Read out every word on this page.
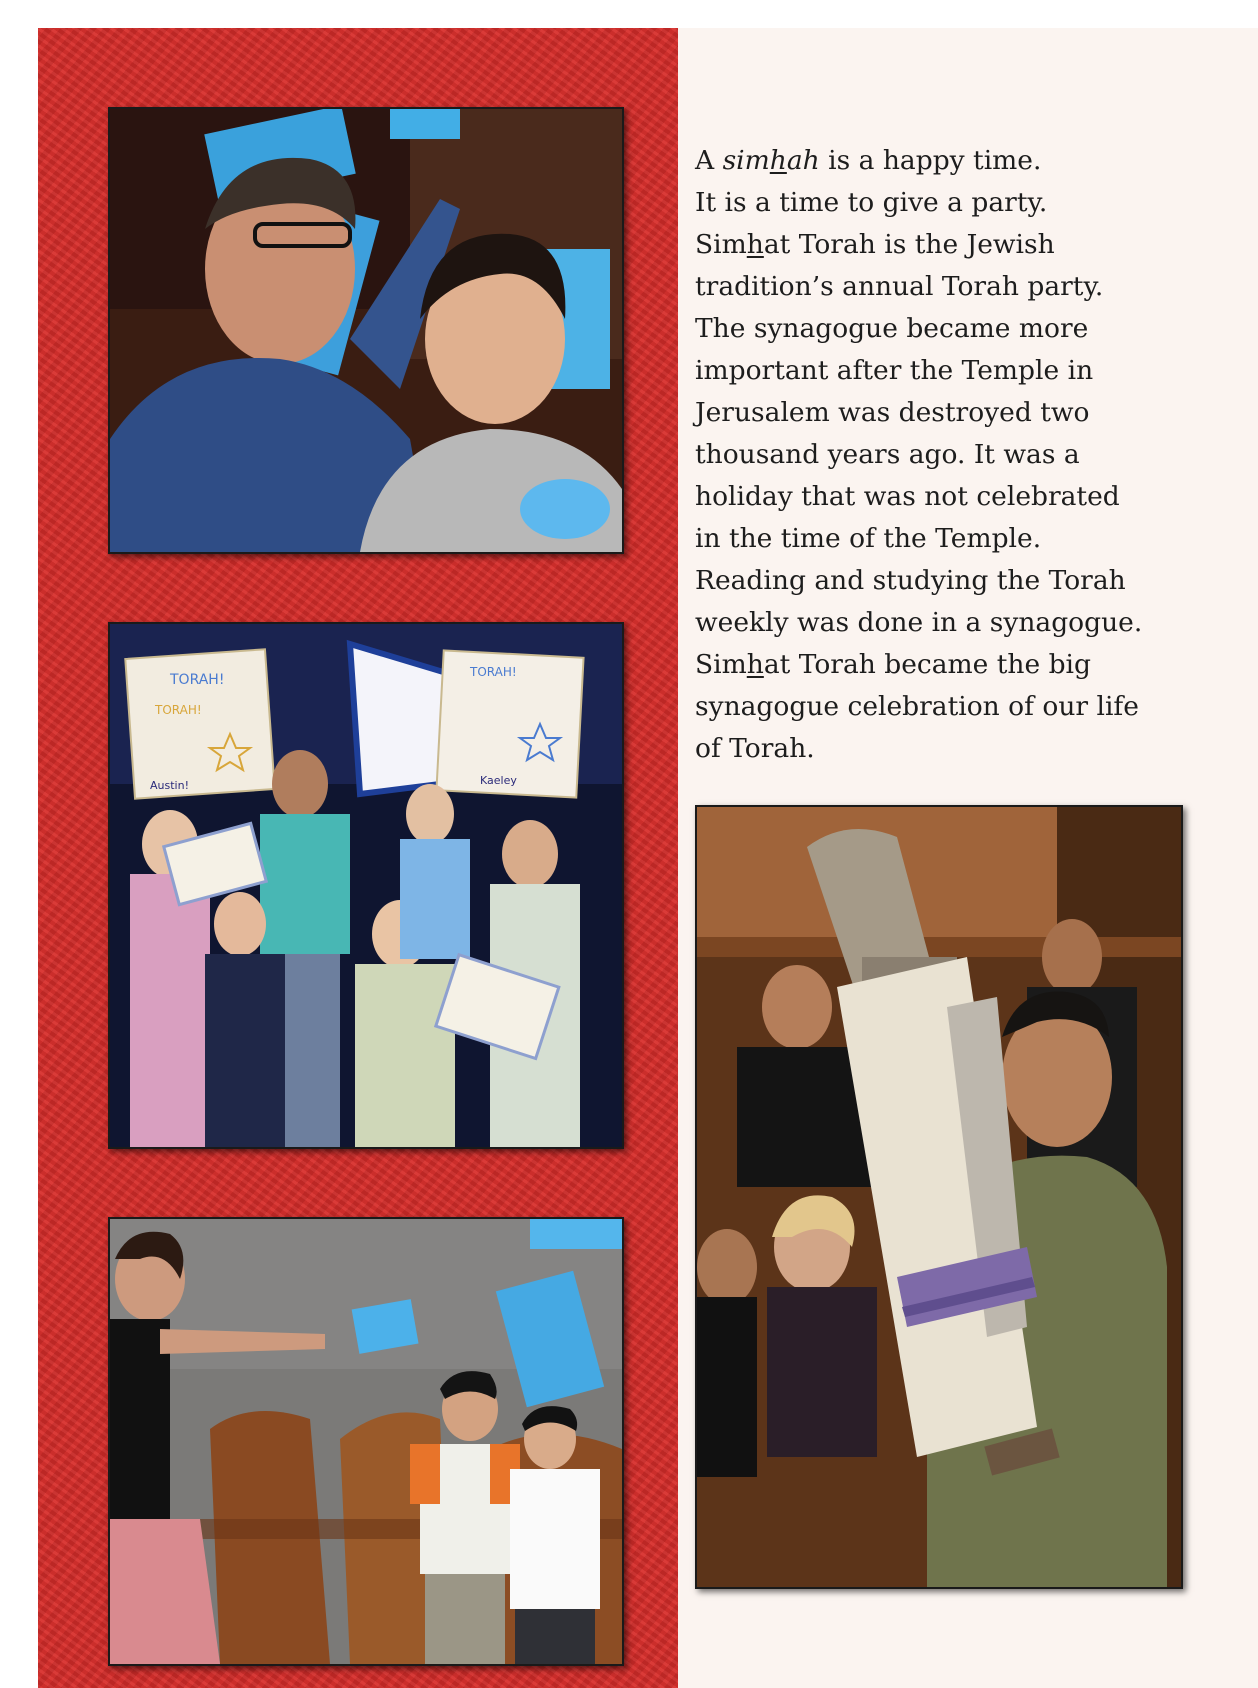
TORAH!
TORAH!
Austin!
TORAH!
Kaeley

A simhah is a happy time.
It is a time to give a party.
Simhat Torah is the Jewish
tradition’s annual Torah party.
The synagogue became more
important after the Temple in
Jerusalem was destroyed two
thousand years ago. It was a
holiday that was not celebrated
in the time of the Temple.
Reading and studying the Torah
weekly was done in a synagogue.
Simhat Torah became the big
synagogue celebration of our life
of Torah.
